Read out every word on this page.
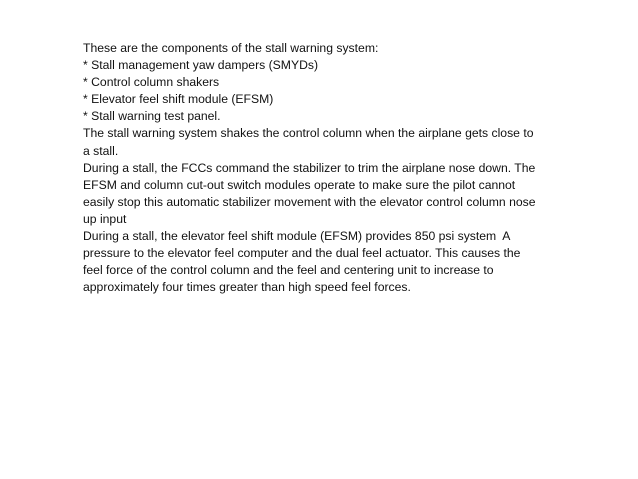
These are the components of the stall warning system:
* Stall management yaw dampers (SMYDs)
* Control column shakers
* Elevator feel shift module (EFSM)
* Stall warning test panel.
The stall warning system shakes the control column when the airplane gets close to
a stall.
During a stall, the FCCs command the stabilizer to trim the airplane nose down. The
EFSM and column cut-out switch modules operate to make sure the pilot cannot
easily stop this automatic stabilizer movement with the elevator control column nose
up input
During a stall, the elevator feel shift module (EFSM) provides 850 psi system  A
pressure to the elevator feel computer and the dual feel actuator. This causes the
feel force of the control column and the feel and centering unit to increase to
approximately four times greater than high speed feel forces.
